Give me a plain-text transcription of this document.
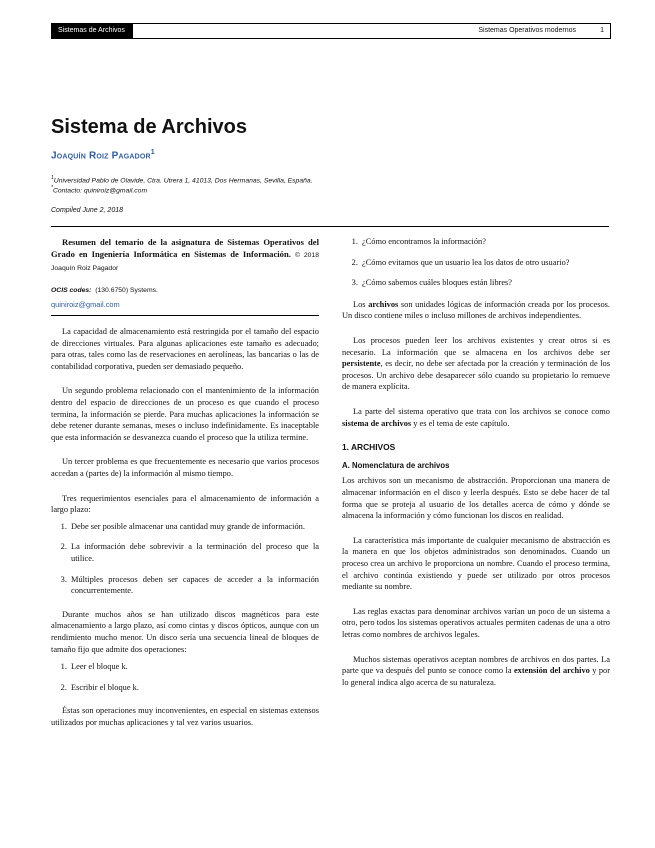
Sistemas de Archivos	Sistemas Operativos modernos	1
Sistema de Archivos
Joaquín Roiz Pagador$^1$
$^1$Universidad Pablo de Olavide, Ctra. Utrera 1, 41013, Dos Hermanas, Sevilla, España.
*Contacto: quiniroiz@gmail.com
Compiled June 2, 2018

Resumen del temario de la asignatura de Sistemas Operativos del Grado en Ingeniería Informática en Sistemas de Información. © 2018 Joaquín Roiz Pagador

OCIS codes: (130.6750) Systems.
quiniroiz@gmail.com

La capacidad de almacenamiento está restringida por el tamaño del espacio de direcciones virtuales. Para algunas aplicaciones este tamaño es adecuado; para otras, tales como las de reservaciones en aerolíneas, las bancarias o las de contabilidad corporativa, pueden ser demasiado pequeño.

Un segundo problema relacionado con el mantenimiento de la información dentro del espacio de direcciones de un proceso es que cuando el proceso termina, la información se pierde. Para muchas aplicaciones la información se debe retener durante semanas, meses o incluso indefinidamente. Es inaceptable que esta información se desvanezca cuando el proceso que la utiliza termine.

Un tercer problema es que frecuentemente es necesario que varios procesos accedan a (partes de) la información al mismo tiempo.

Tres requerimientos esenciales para el almacenamiento de información a largo plazo:

1. Debe ser posible almacenar una cantidad muy grande de información.
2. La información debe sobrevivir a la terminación del proceso que la utilice.
3. Múltiples procesos deben ser capaces de acceder a la información concurrentemente.

Durante muchos años se han utilizado discos magnéticos para este almacenamiento a largo plazo, así como cintas y discos ópticos, aunque con un rendimiento mucho menor. Un disco sería una secuencia lineal de bloques de tamaño fijo que admite dos operaciones:

1. Leer el bloque k.
2. Escribir el bloque k.

Éstas son operaciones muy inconvenientes, en especial en sistemas extensos utilizados por muchas aplicaciones y tal vez varios usuarios.

1. ¿Cómo encontramos la información?
2. ¿Cómo evitamos que un usuario lea los datos de otro usuario?
3. ¿Cómo sabemos cuáles bloques están libres?

Los archivos son unidades lógicas de información creada por los procesos. Un disco contiene miles o incluso millones de archivos independientes.

Los procesos pueden leer los archivos existentes y crear otros si es necesario. La información que se almacena en los archivos debe ser persistente, es decir, no debe ser afectada por la creación y terminación de los procesos. Un archivo debe desaparecer sólo cuando su propietario lo remueve de manera explícita.

La parte del sistema operativo que trata con los archivos se conoce como sistema de archivos y es el tema de este capítulo.

1. ARCHIVOS
A. Nomenclatura de archivos

Los archivos son un mecanismo de abstracción. Proporcionan una manera de almacenar información en el disco y leerla después. Esto se debe hacer de tal forma que se proteja al usuario de los detalles acerca de cómo y dónde se almacena la información y cómo funcionan los discos en realidad.

La característica más importante de cualquier mecanismo de abstracción es la manera en que los objetos administrados son denominados. Cuando un proceso crea un archivo le proporciona un nombre. Cuando el proceso termina, el archivo continúa existiendo y puede ser utilizado por otros procesos mediante su nombre.

Las reglas exactas para denominar archivos varían un poco de un sistema a otro, pero todos los sistemas operativos actuales permiten cadenas de una a otro letras como nombres de archivos legales.

Muchos sistemas operativos aceptan nombres de archivos en dos partes. La parte que va después del punto se conoce como la extensión del archivo y por lo general indica algo acerca de su naturaleza.
